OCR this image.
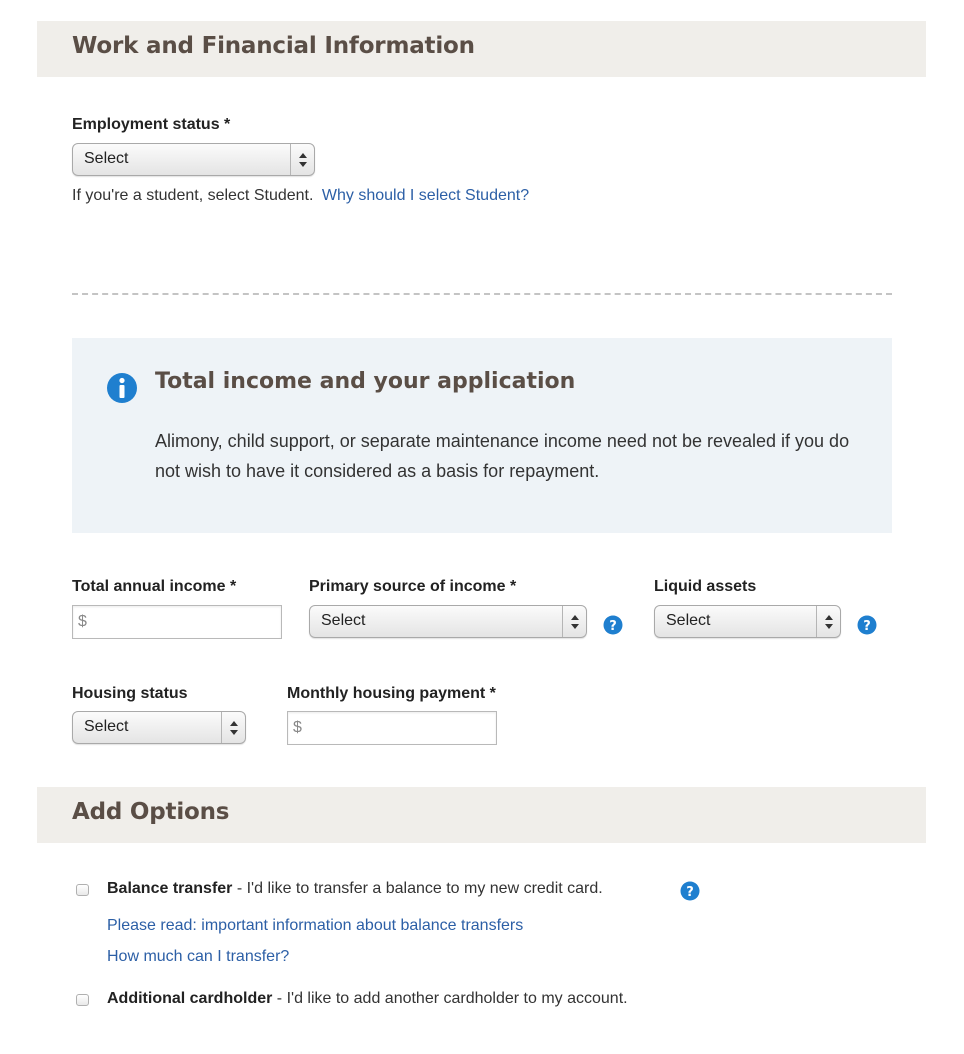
Work and Financial Information
Employment status *
Select
If you're a student, select Student. Why should I select Student?
Total income and your application

Alimony, child support, or separate maintenance income need not be revealed if you do not wish to have it considered as a basis for repayment.

Total annual income *
$
Primary source of income *
Select	?
Liquid assets
Select	?
Housing status
Select
Monthly housing payment *
$
Add Options
Balance transfer - I'd like to transfer a balance to my new credit card.	?
Please read: important information about balance transfers
How much can I transfer?
Additional cardholder - I'd like to add another cardholder to my account.
